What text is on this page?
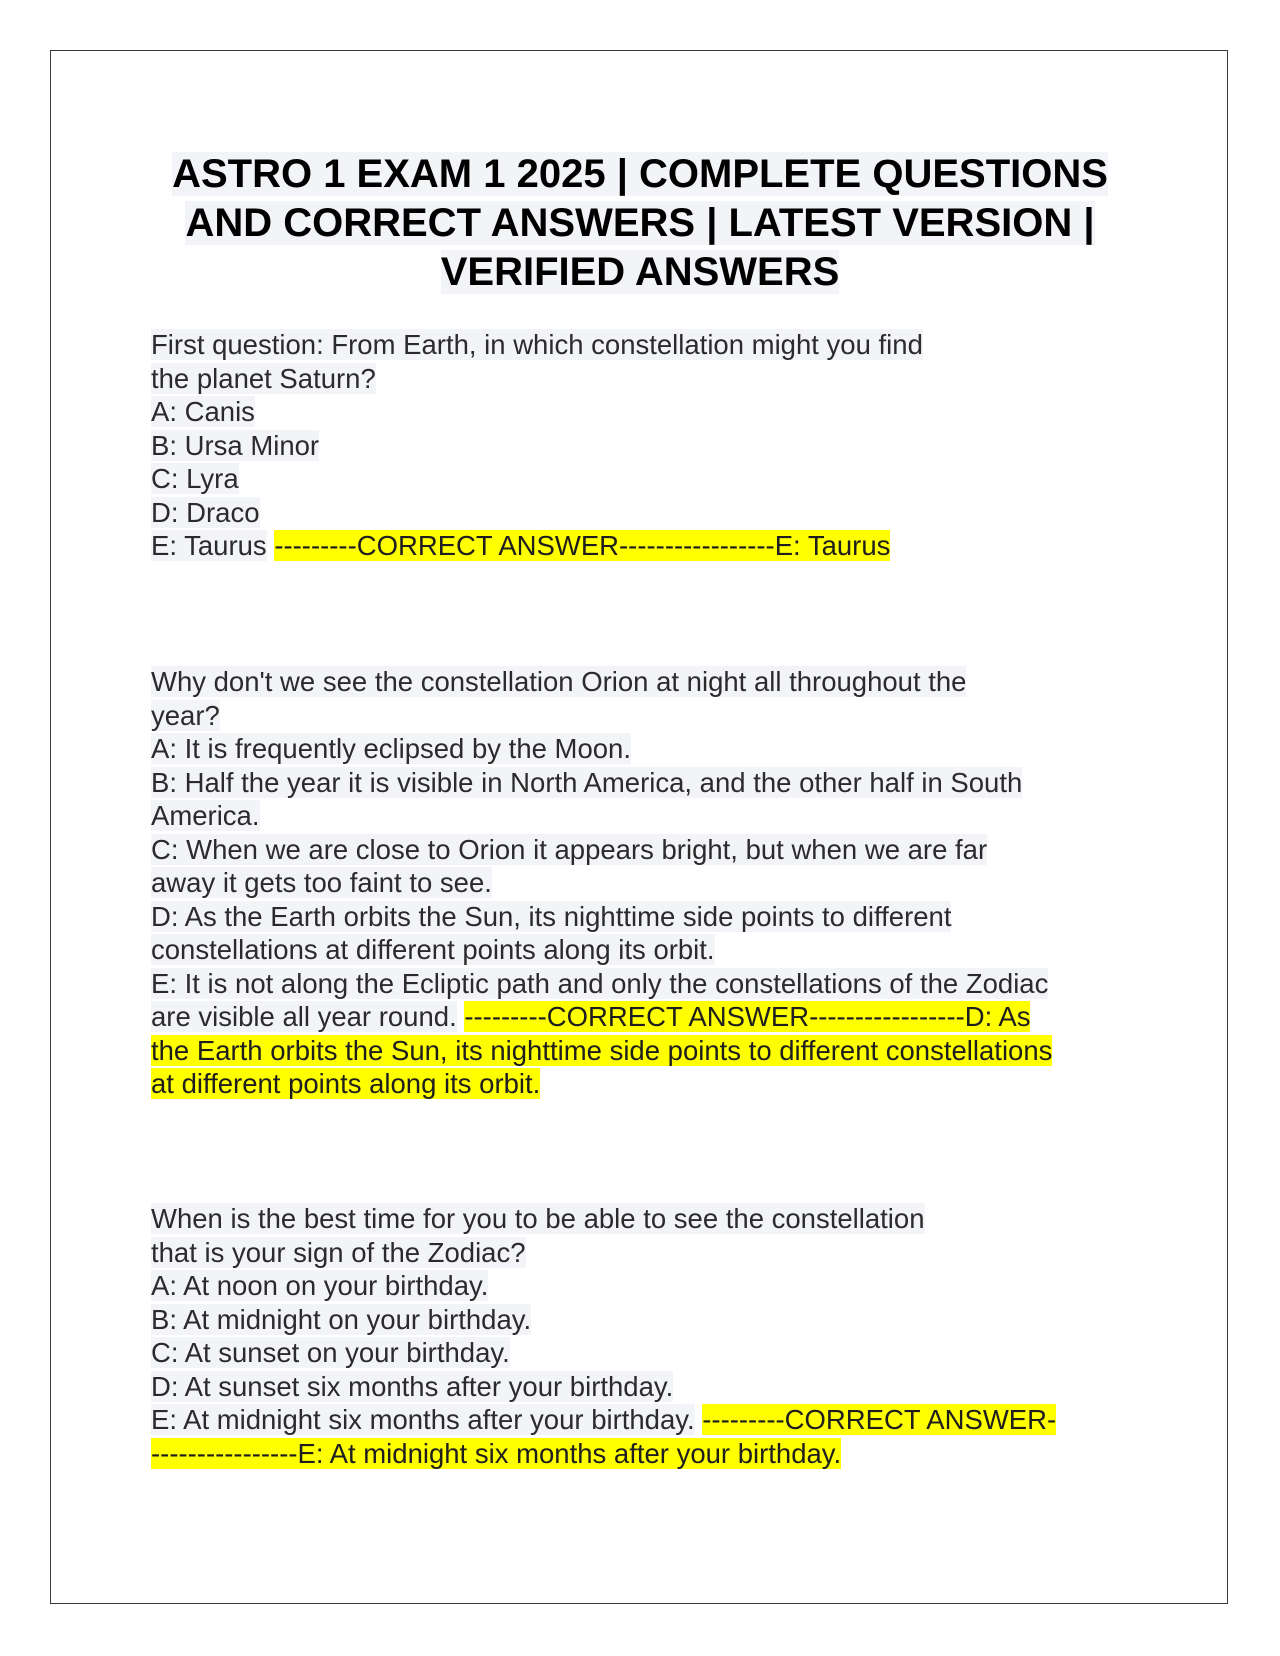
ASTRO 1 EXAM 1 2025 | COMPLETE QUESTIONS
AND CORRECT ANSWERS | LATEST VERSION |
VERIFIED ANSWERS
First question: From Earth, in which constellation might you find
the planet Saturn?
A: Canis
B: Ursa Minor
C: Lyra
D: Draco
E: Taurus ---------CORRECT ANSWER-----------------E: Taurus
Why don't we see the constellation Orion at night all throughout the
year?
A: It is frequently eclipsed by the Moon.
B: Half the year it is visible in North America, and the other half in South
America.
C: When we are close to Orion it appears bright, but when we are far
away it gets too faint to see.
D: As the Earth orbits the Sun, its nighttime side points to different
constellations at different points along its orbit.
E: It is not along the Ecliptic path and only the constellations of the Zodiac
are visible all year round. ---------CORRECT ANSWER-----------------D: As
the Earth orbits the Sun, its nighttime side points to different constellations
at different points along its orbit.
When is the best time for you to be able to see the constellation
that is your sign of the Zodiac?
A: At noon on your birthday.
B: At midnight on your birthday.
C: At sunset on your birthday.
D: At sunset six months after your birthday.
E: At midnight six months after your birthday. ---------CORRECT ANSWER-
----------------E: At midnight six months after your birthday.
